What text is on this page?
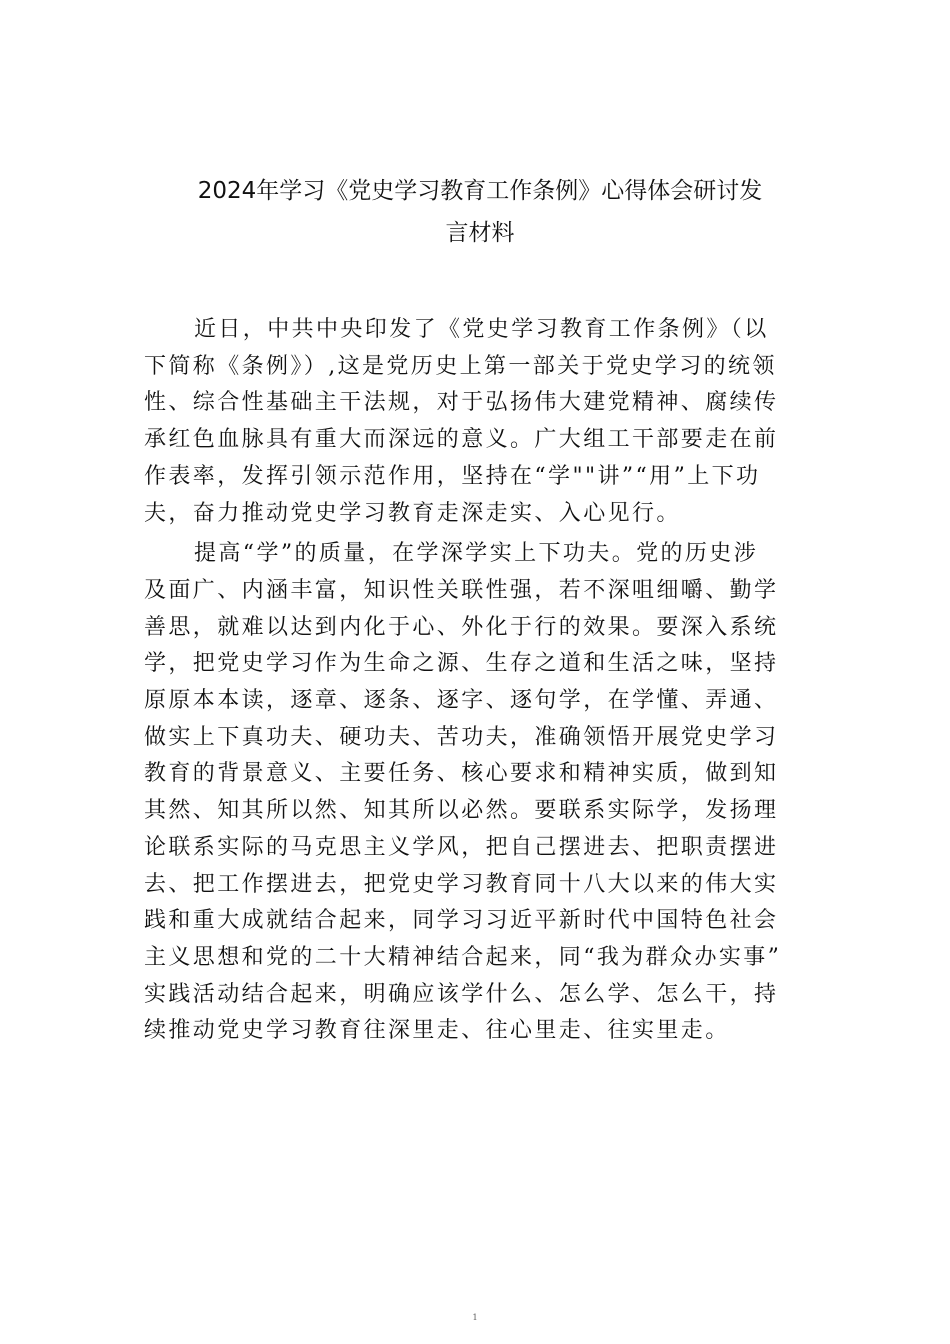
2024年学习《党史学习教育工作条例》心得体会研讨发
言材料
近日，中共中央印发了《党史学习教育工作条例》（以
下简称《条例》）,这是党历史上第一部关于党史学习的统领
性、综合性基础主干法规，对于弘扬伟大建党精神、腐续传
承红色血脉具有重大而深远的意义。广大组工干部要走在前
作表率，发挥引领示范作用，坚持在“学""讲”“用”上下功
夫，奋力推动党史学习教育走深走实、入心见行。
提高“学”的质量，在学深学实上下功夫。党的历史涉
及面广、内涵丰富，知识性关联性强，若不深咀细嚼、勤学
善思，就难以达到内化于心、外化于行的效果。要深入系统
学，把党史学习作为生命之源、生存之道和生活之味，坚持
原原本本读，逐章、逐条、逐字、逐句学，在学懂、弄通、
做实上下真功夫、硬功夫、苦功夫，准确领悟开展党史学习
教育的背景意义、主要任务、核心要求和精神实质，做到知
其然、知其所以然、知其所以必然。要联系实际学，发扬理
论联系实际的马克思主义学风，把自己摆进去、把职责摆进
去、把工作摆进去，把党史学习教育同十八大以来的伟大实
践和重大成就结合起来，同学习习近平新时代中国特色社会
主义思想和党的二十大精神结合起来，同“我为群众办实事”
实践活动结合起来，明确应该学什么、怎么学、怎么干，持
续推动党史学习教育往深里走、往心里走、往实里走。
1
